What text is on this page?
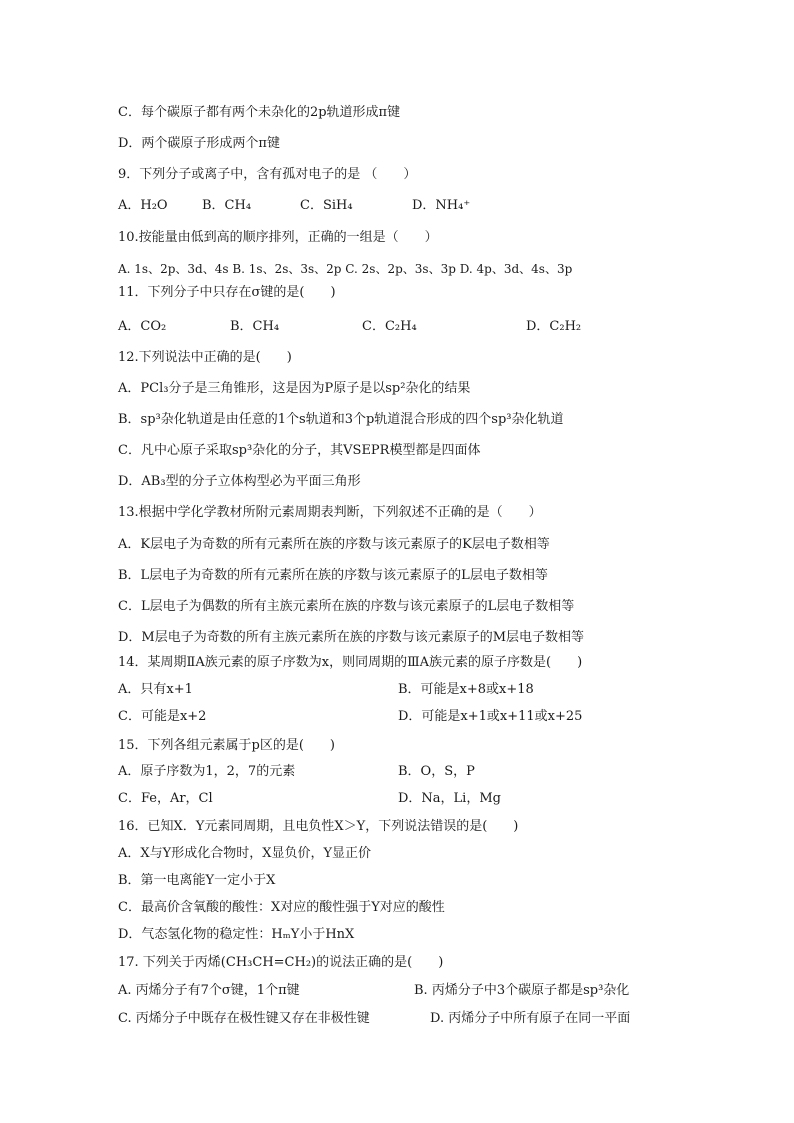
C．每个碳原子都有两个未杂化的2p轨道形成π键
D．两个碳原子形成两个π键
9．下列分子或离子中，含有孤对电子的是 （　　）
A．H₂O	B．CH₄	C．SiH₄	D．NH₄⁺
10.按能量由低到高的顺序排列，正确的一组是（　　）
A. 1s、2p、3d、4s B. 1s、2s、3s、2p C. 2s、2p、3s、3p D. 4p、3d、4s、3p
11．下列分子中只存在σ键的是(　　)
A．CO₂	B．CH₄	C．C₂H₄	D．C₂H₂
12.下列说法中正确的是(　　)
A．PCl₃分子是三角锥形，这是因为P原子是以sp²杂化的结果
B．sp³杂化轨道是由任意的1个s轨道和3个p轨道混合形成的四个sp³杂化轨道
C．凡中心原子采取sp³杂化的分子，其VSEPR模型都是四面体
D．AB₃型的分子立体构型必为平面三角形
13.根据中学化学教材所附元素周期表判断，下列叙述不正确的是（　　）
A．K层电子为奇数的所有元素所在族的序数与该元素原子的K层电子数相等
B．L层电子为奇数的所有元素所在族的序数与该元素原子的L层电子数相等
C．L层电子为偶数的所有主族元素所在族的序数与该元素原子的L层电子数相等
D．M层电子为奇数的所有主族元素所在族的序数与该元素原子的M层电子数相等
14．某周期ⅡA族元素的原子序数为x，则同周期的ⅢA族元素的原子序数是(　　)
A．只有x+1	B．可能是x+8或x+18
C．可能是x+2	D．可能是x+1或x+11或x+25
15．下列各组元素属于p区的是(　　)
A．原子序数为1，2，7的元素	B．O，S，P
C．Fe，Ar，Cl	D．Na，Li，Mg
16．已知X．Y元素同周期，且电负性X＞Y，下列说法错误的是(　　)
A．X与Y形成化合物时，X显负价，Y显正价
B．第一电离能Y一定小于X
C．最高价含氧酸的酸性：X对应的酸性强于Y对应的酸性
D．气态氢化物的稳定性：HₘY小于HnX
17. 下列关于丙烯(CH₃CH=CH₂)的说法正确的是(　　)
A. 丙烯分子有7个σ键，1个π键	B. 丙烯分子中3个碳原子都是sp³杂化
C. 丙烯分子中既存在极性键又存在非极性键	D. 丙烯分子中所有原子在同一平面
